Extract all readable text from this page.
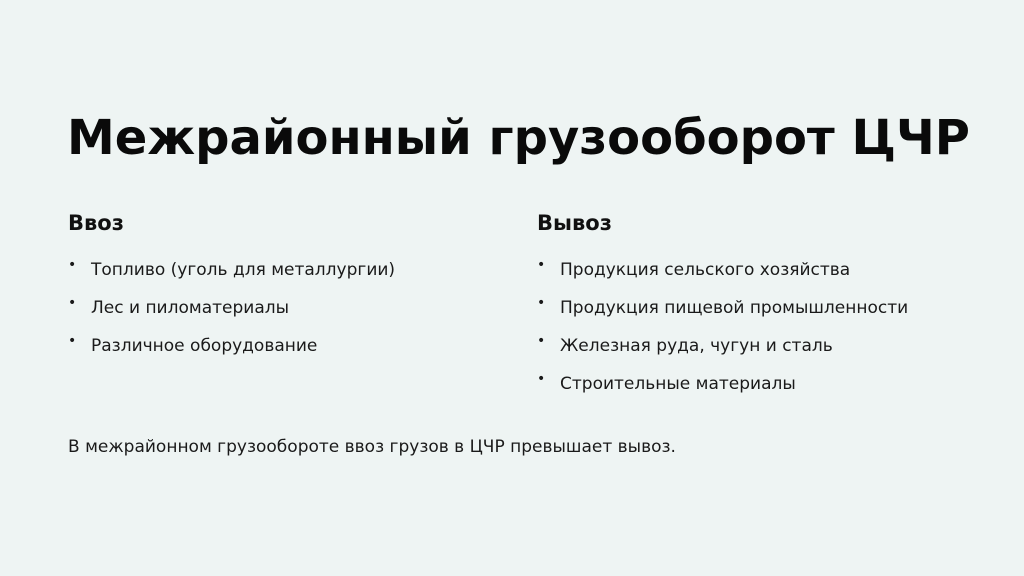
Межрайонный грузооборот ЦЧР
Ввоз
• Топливо (уголь для металлургии)
• Лес и пиломатериалы
• Различное оборудование
Вывоз
• Продукция сельского хозяйства
• Продукция пищевой промышленности
• Железная руда, чугун и сталь
• Строительные материалы

В межрайонном грузообороте ввоз грузов в ЦЧР превышает вывоз.
